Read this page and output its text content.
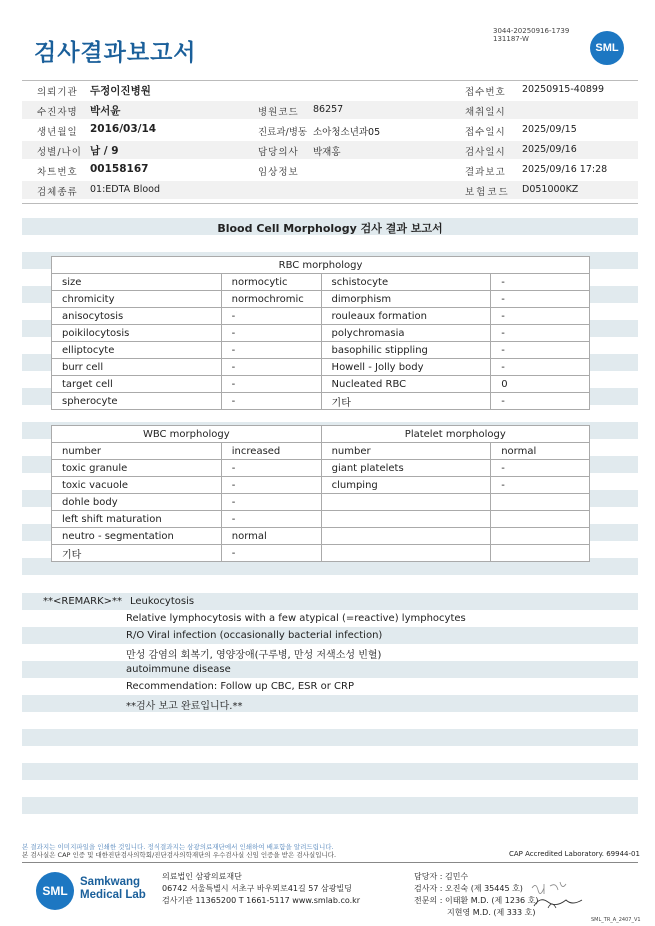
검사결과보고서
3044-20250916-1739
131187-W
SML
의뢰기관 두정이진병원	접수번호 20250915-40899
수진자명 박서윤	병원코드 86257	채취일시
생년월일 2016/03/14	진료과/병동 소아청소년과05	접수일시 2025/09/15
성별/나이 남 / 9	담당의사 박재홍	검사일시 2025/09/16
차트번호 00158167	임상정보	결과보고 2025/09/16 17:28
검체종류 01:EDTA Blood	보험코드 D051000KZ
Blood Cell Morphology 검사 결과 보고서
RBC morphology			
size	normocytic	schistocyte	-
chromicity	normochromic	dimorphism	-
anisocytosis	-	rouleaux formation	-
poikilocytosis	-	polychromasia	-
elliptocyte	-	basophilic stippling	-
burr cell	-	Howell - Jolly body	-
target cell	-	Nucleated RBC	0
spherocyte	-	기타	-
WBC morphology		Platelet morphology	
number	increased	number	normal
toxic granule	-	giant platelets	-
toxic vacuole	-	clumping	-
dohle body	-		
left shift maturation	-		
neutro - segmentation	normal		
기타	-		
**<REMARK>** Leukocytosis
Relative lymphocytosis with a few atypical (=reactive) lymphocytes
R/O Viral infection (occasionally bacterial infection)
만성 감염의 회복기, 영양장애(구루병, 만성 저색소성 빈혈)
autoimmune disease
Recommendation: Follow up CBC, ESR or CRP
**검사 보고 완료입니다.**
본 결과지는 이미지파일을 인쇄한 것입니다. 정식결과지는 삼광의료재단에서 인쇄하여 배포함을 알려드립니다.
본 검사실은 CAP 인증 및 대한진단검사의학회/진단검사의학재단의 우수검사실 신임 인증을 받은 검사실입니다.	CAP Accredited Laboratory. 69944-01
SML
Samkwang
Medical Lab
의료법인 삼광의료재단
06742 서울특별시 서초구 바우뫼로41길 57 삼광빌딩
검사기관 11365200 T 1661-5117 www.smlab.co.kr
담당자 : 김민수
검사자 : 오진숙 (제 35445 호)
전문의 : 이태환 M.D. (제 1236 호)
지현영 M.D. (제 333 호)
SML_TR_A_2407_V1
